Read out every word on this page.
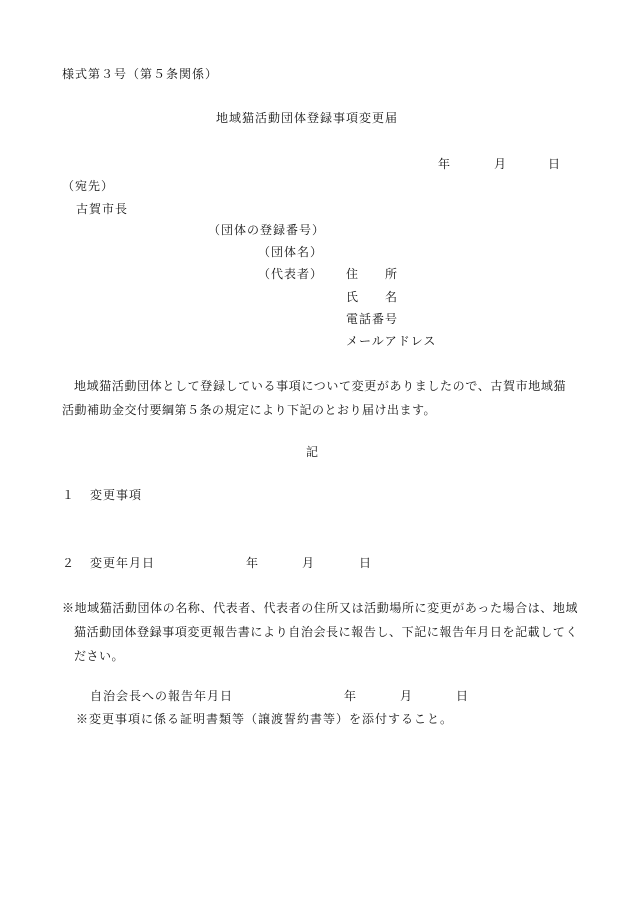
様式第３号（第５条関係）
地域猫活動団体登録事項変更届
年	月	日
（宛先）
古賀市長
（団体の登録番号）
（団体名）
（代表者） 住　　所
氏　　名
電話番号
メールアドレス
地域猫活動団体として登録している事項について変更がありましたので、古賀市地域猫活動補助金交付要綱第５条の規定により下記のとおり届け出ます。
記
１ 変更事項
２ 変更年月日	年	月	日
※地域猫活動団体の名称、代表者、代表者の住所又は活動場所に変更があった場合は、地域猫活動団体登録事項変更報告書により自治会長に報告し、下記に報告年月日を記載してください。
自治会長への報告年月日	年	月	日
※変更事項に係る証明書類等（譲渡誓約書等）を添付すること。
